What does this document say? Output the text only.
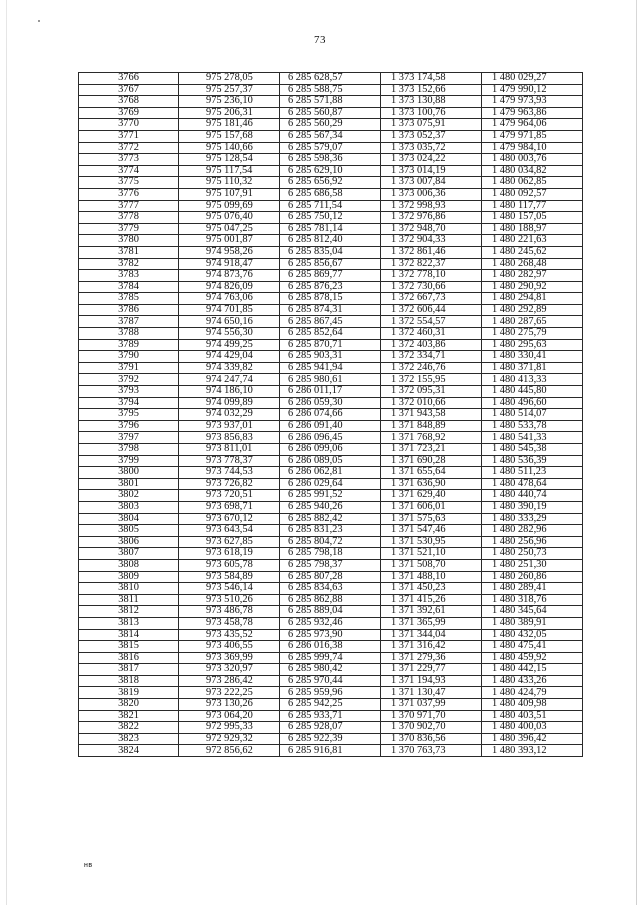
73
3766	975 278,05	6 285 628,57	1 373 174,58	1 480 029,27
3767	975 257,37	6 285 588,75	1 373 152,66	1 479 990,12
3768	975 236,10	6 285 571,88	1 373 130,88	1 479 973,93
3769	975 206,31	6 285 560,87	1 373 100,76	1 479 963,86
3770	975 181,46	6 285 560,29	1 373 075,91	1 479 964,06
3771	975 157,68	6 285 567,34	1 373 052,37	1 479 971,85
3772	975 140,66	6 285 579,07	1 373 035,72	1 479 984,10
3773	975 128,54	6 285 598,36	1 373 024,22	1 480 003,76
3774	975 117,54	6 285 629,10	1 373 014,19	1 480 034,82
3775	975 110,32	6 285 656,92	1 373 007,84	1 480 062,85
3776	975 107,91	6 285 686,58	1 373 006,36	1 480 092,57
3777	975 099,69	6 285 711,54	1 372 998,93	1 480 117,77
3778	975 076,40	6 285 750,12	1 372 976,86	1 480 157,05
3779	975 047,25	6 285 781,14	1 372 948,70	1 480 188,97
3780	975 001,87	6 285 812,40	1 372 904,33	1 480 221,63
3781	974 958,26	6 285 835,04	1 372 861,46	1 480 245,62
3782	974 918,47	6 285 856,67	1 372 822,37	1 480 268,48
3783	974 873,76	6 285 869,77	1 372 778,10	1 480 282,97
3784	974 826,09	6 285 876,23	1 372 730,66	1 480 290,92
3785	974 763,06	6 285 878,15	1 372 667,73	1 480 294,81
3786	974 701,85	6 285 874,31	1 372 606,44	1 480 292,89
3787	974 650,16	6 285 867,45	1 372 554,57	1 480 287,65
3788	974 556,30	6 285 852,64	1 372 460,31	1 480 275,79
3789	974 499,25	6 285 870,71	1 372 403,86	1 480 295,63
3790	974 429,04	6 285 903,31	1 372 334,71	1 480 330,41
3791	974 339,82	6 285 941,94	1 372 246,76	1 480 371,81
3792	974 247,74	6 285 980,61	1 372 155,95	1 480 413,33
3793	974 186,10	6 286 011,17	1 372 095,31	1 480 445,80
3794	974 099,89	6 286 059,30	1 372 010,66	1 480 496,60
3795	974 032,29	6 286 074,66	1 371 943,58	1 480 514,07
3796	973 937,01	6 286 091,40	1 371 848,89	1 480 533,78
3797	973 856,83	6 286 096,45	1 371 768,92	1 480 541,33
3798	973 811,01	6 286 099,06	1 371 723,21	1 480 545,38
3799	973 778,37	6 286 089,05	1 371 690,28	1 480 536,39
3800	973 744,53	6 286 062,81	1 371 655,64	1 480 511,23
3801	973 726,82	6 286 029,64	1 371 636,90	1 480 478,64
3802	973 720,51	6 285 991,52	1 371 629,40	1 480 440,74
3803	973 698,71	6 285 940,26	1 371 606,01	1 480 390,19
3804	973 670,12	6 285 882,42	1 371 575,63	1 480 333,29
3805	973 643,54	6 285 831,23	1 371 547,46	1 480 282,96
3806	973 627,85	6 285 804,72	1 371 530,95	1 480 256,96
3807	973 618,19	6 285 798,18	1 371 521,10	1 480 250,73
3808	973 605,78	6 285 798,37	1 371 508,70	1 480 251,30
3809	973 584,89	6 285 807,28	1 371 488,10	1 480 260,86
3810	973 546,14	6 285 834,63	1 371 450,23	1 480 289,41
3811	973 510,26	6 285 862,88	1 371 415,26	1 480 318,76
3812	973 486,78	6 285 889,04	1 371 392,61	1 480 345,64
3813	973 458,78	6 285 932,46	1 371 365,99	1 480 389,91
3814	973 435,52	6 285 973,90	1 371 344,04	1 480 432,05
3815	973 406,55	6 286 016,38	1 371 316,42	1 480 475,41
3816	973 369,99	6 285 999,74	1 371 279,36	1 480 459,92
3817	973 320,97	6 285 980,42	1 371 229,77	1 480 442,15
3818	973 286,42	6 285 970,44	1 371 194,93	1 480 433,26
3819	973 222,25	6 285 959,96	1 371 130,47	1 480 424,79
3820	973 130,26	6 285 942,25	1 371 037,99	1 480 409,98
3821	973 064,20	6 285 933,71	1 370 971,70	1 480 403,51
3822	972 995,33	6 285 928,07	1 370 902,70	1 480 400,03
3823	972 929,32	6 285 922,39	1 370 836,56	1 480 396,42
3824	972 856,62	6 285 916,81	1 370 763,73	1 480 393,12
нв
